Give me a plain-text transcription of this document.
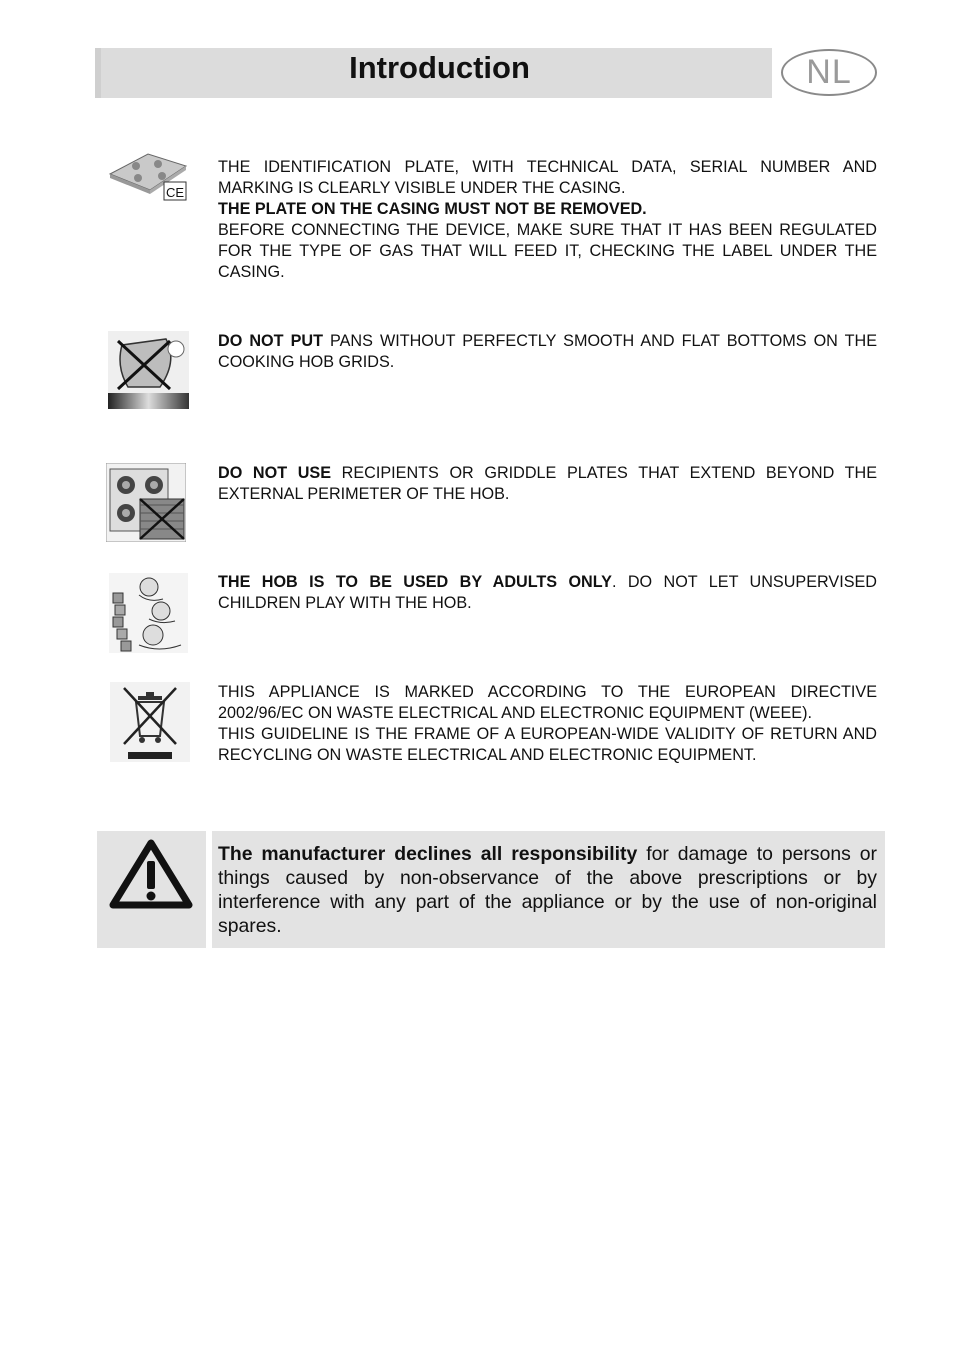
Introduction	NL
CE

THE IDENTIFICATION PLATE, WITH TECHNICAL DATA, SERIAL NUMBER AND MARKING IS CLEARLY VISIBLE UNDER THE CASING.

THE PLATE ON THE CASING MUST NOT BE REMOVED.

BEFORE CONNECTING THE DEVICE, MAKE SURE THAT IT HAS BEEN REGULATED FOR THE TYPE OF GAS THAT WILL FEED IT, CHECKING THE LABEL UNDER THE CASING.

DO NOT PUT PANS WITHOUT PERFECTLY SMOOTH AND FLAT BOTTOMS ON THE COOKING HOB GRIDS.

DO NOT USE RECIPIENTS OR GRIDDLE PLATES THAT EXTEND BEYOND THE EXTERNAL PERIMETER OF THE HOB.

THE HOB IS TO BE USED BY ADULTS ONLY. DO NOT LET UNSUPERVISED CHILDREN PLAY WITH THE HOB.

THIS APPLIANCE IS MARKED ACCORDING TO THE EUROPEAN DIRECTIVE 2002/96/EC ON WASTE ELECTRICAL AND ELECTRONIC EQUIPMENT (WEEE).

THIS GUIDELINE IS THE FRAME OF A EUROPEAN-WIDE VALIDITY OF RETURN AND RECYCLING ON WASTE ELECTRICAL AND ELECTRONIC EQUIPMENT.

The manufacturer declines all responsibility for damage to persons or things caused by non-observance of the above prescriptions or by interference with any part of the appliance or by the use of non-original spares.
